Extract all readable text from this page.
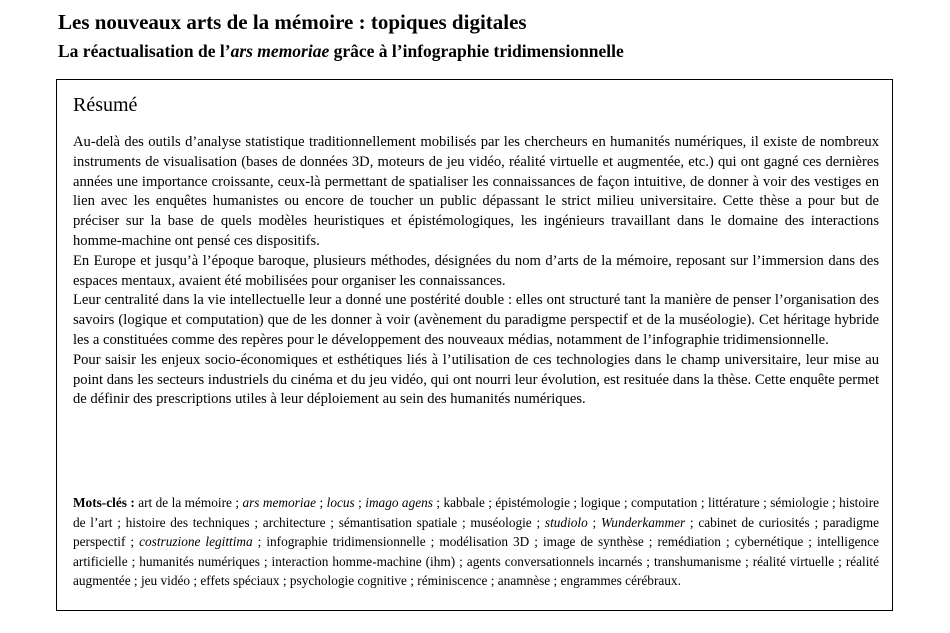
Les nouveaux arts de la mémoire : topiques digitales
La réactualisation de l’ars memoriae grâce à l’infographie tridimensionnelle
Résumé

Au-delà des outils d’analyse statistique traditionnellement mobilisés par les chercheurs en humanités numériques, il existe de nombreux instruments de visualisation (bases de données 3D, moteurs de jeu vidéo, réalité virtuelle et augmentée, etc.) qui ont gagné ces dernières années une importance croissante, ceux-là permettant de spatialiser les connaissances de façon intuitive, de donner à voir des vestiges en lien avec les enquêtes humanistes ou encore de toucher un public dépassant le strict milieu universitaire. Cette thèse a pour but de préciser sur la base de quels modèles heuristiques et épistémologiques, les ingénieurs travaillant dans le domaine des interactions homme-machine ont pensé ces dispositifs.

En Europe et jusqu’à l’époque baroque, plusieurs méthodes, désignées du nom d’arts de la mémoire, reposant sur l’immersion dans des espaces mentaux, avaient été mobilisées pour organiser les connaissances.

Leur centralité dans la vie intellectuelle leur a donné une postérité double : elles ont structuré tant la manière de penser l’organisation des savoirs (logique et computation) que de les donner à voir (avènement du paradigme perspectif et de la muséologie). Cet héritage hybride les a constituées comme des repères pour le développement des nouveaux médias, notamment de l’infographie tridimensionnelle.

Pour saisir les enjeux socio-économiques et esthétiques liés à l’utilisation de ces technologies dans le champ universitaire, leur mise au point dans les secteurs industriels du cinéma et du jeu vidéo, qui ont nourri leur évolution, est resituée dans la thèse. Cette enquête permet de définir des prescriptions utiles à leur déploiement au sein des humanités numériques.

Mots-clés : art de la mémoire ; ars memoriae ; locus ; imago agens ; kabbale ; épistémologie ; logique ; computation ; littérature ; sémiologie ; histoire de l’art ; histoire des techniques ; architecture ; sémantisation spatiale ; muséologie ; studiolo ; Wunderkammer ; cabinet de curiosités ; paradigme perspectif ; costruzione legittima ; infographie tridimensionnelle ; modélisation 3D ; image de synthèse ; remédiation ; cybernétique ; intelligence artificielle ; humanités numériques ; interaction homme-machine (ihm) ; agents conversationnels incarnés ; transhumanisme ; réalité virtuelle ; réalité augmentée ; jeu vidéo ; effets spéciaux ; psychologie cognitive ; réminiscence ; anamnèse ; engrammes cérébraux.
